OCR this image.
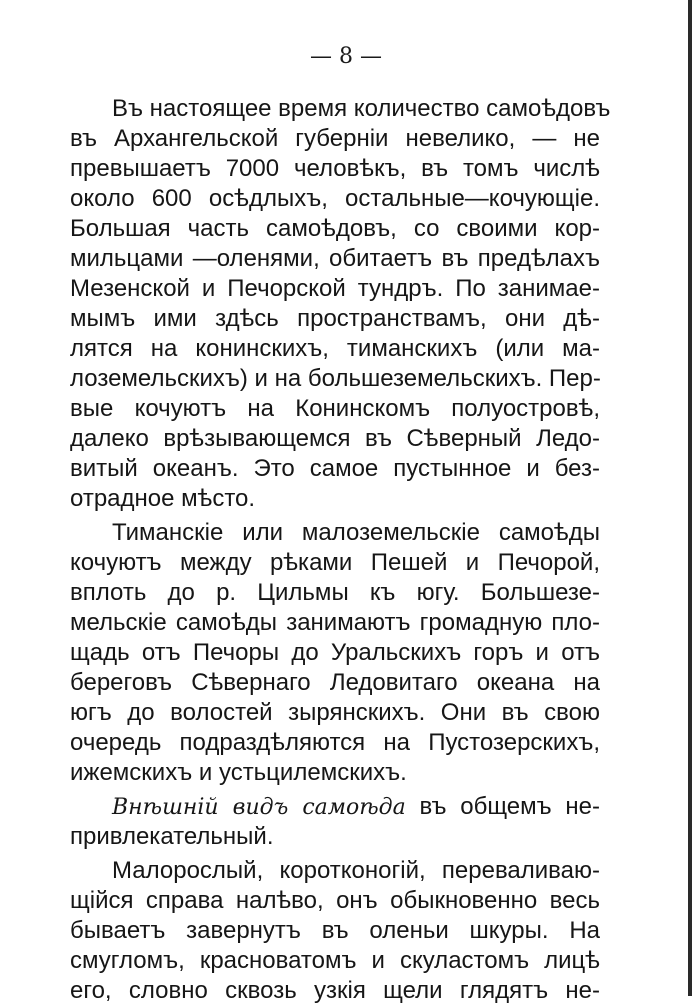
— 8 —
Въ настоящее время количество самоѣдовъ
въ Архангельской губерніи невелико, — не
превышаетъ 7000 человѣкъ, въ томъ числѣ
около 600 осѣдлыхъ, остальные—кочующіе.
Большая часть самоѣдовъ, со своими кор-
мильцами —оленями, обитаетъ въ предѣлахъ
Мезенской и Печорской тундръ. По занимае-
мымъ ими здѣсь пространствамъ, они дѣ-
лятся на конинскихъ, тиманскихъ (или ма-
лоземельскихъ) и на большеземельскихъ. Пер-
вые кочуютъ на Конинскомъ полуостровѣ,
далеко врѣзывающемся въ Сѣверный Ледо-
витый океанъ. Это самое пустынное и без-
отрадное мѣсто.
Тиманскіе или малоземельскіе самоѣды
кочуютъ между рѣками Пешей и Печорой,
вплоть до р. Цильмы къ югу. Большезе-
мельскіе самоѣды занимаютъ громадную пло-
щадь отъ Печоры до Уральскихъ горъ и отъ
береговъ Сѣвернаго Ледовитаго океана на
югъ до волостей зырянскихъ. Они въ свою
очередь подраздѣляются на Пустозерскихъ,
ижемскихъ и устьцилемскихъ.
Внѣшній видъ самоѣда въ общемъ не-
привлекательный.
Малорослый, коротконогій, переваливаю-
щійся справа налѣво, онъ обыкновенно весь
бываетъ завернутъ въ оленьи шкуры. На
смугломъ, красноватомъ и скуластомъ лицѣ
его, словно сквозь узкія щели глядятъ не-
